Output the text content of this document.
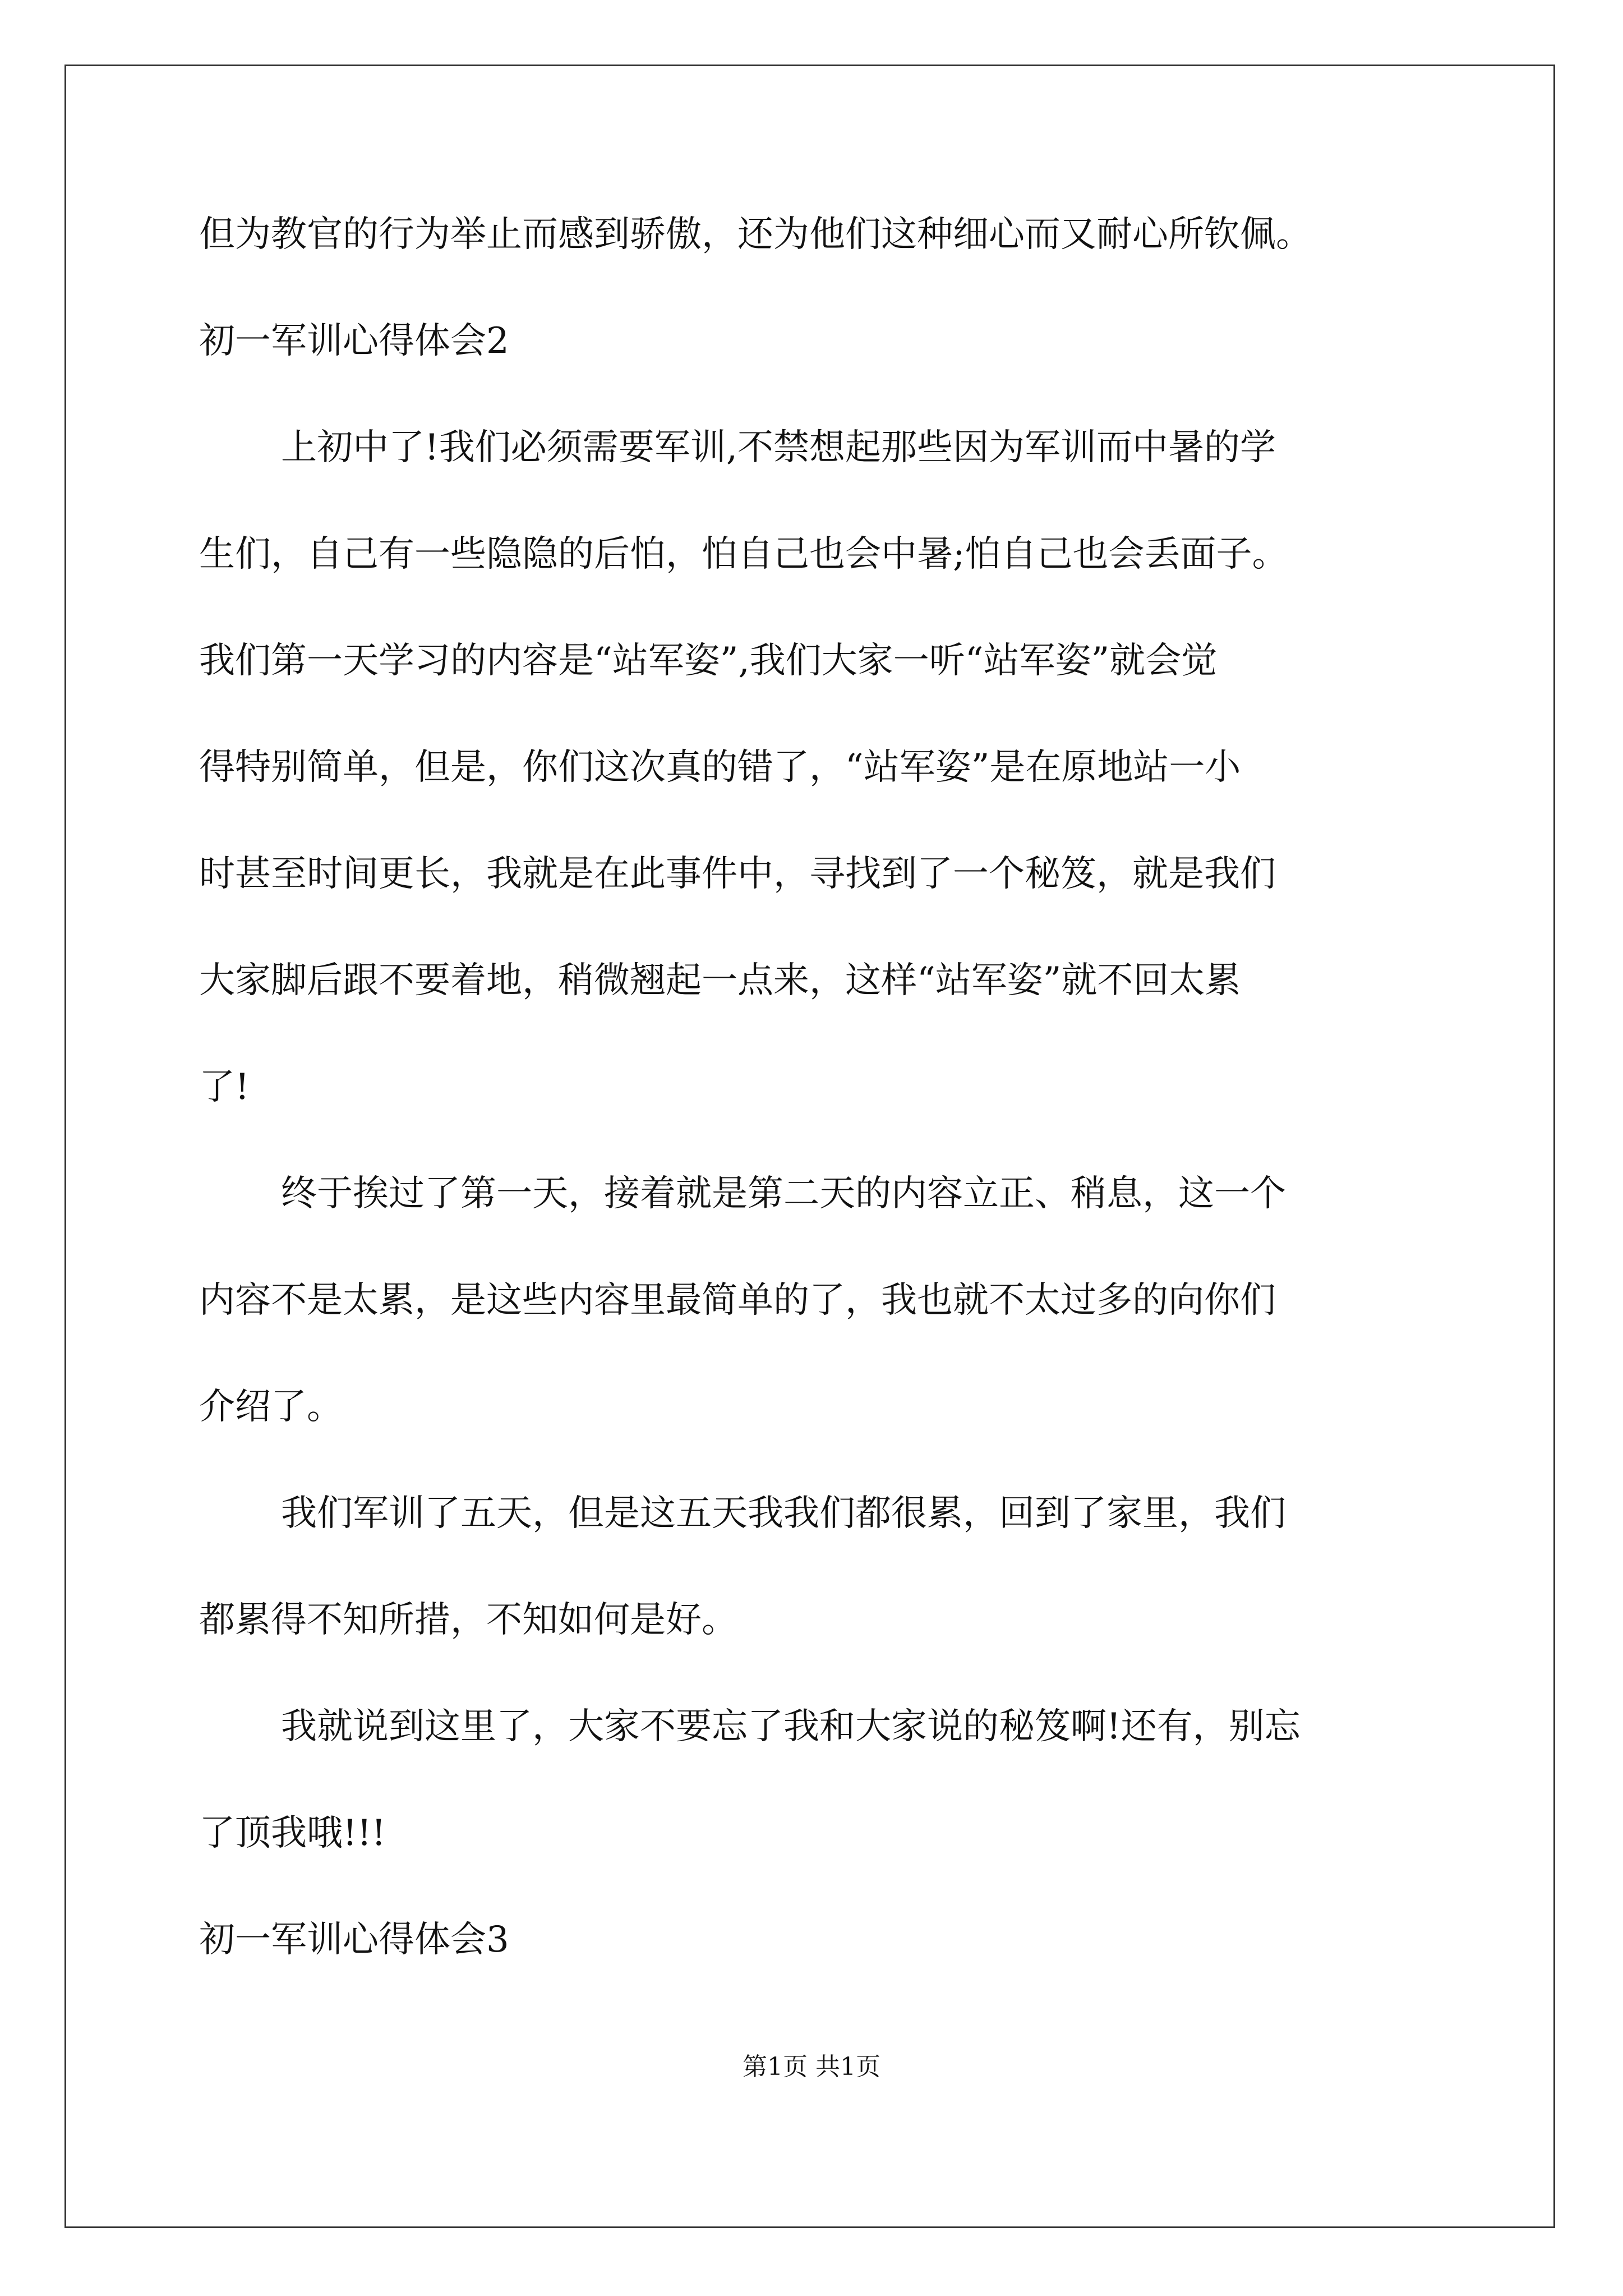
但为教官的行为举止而感到骄傲，还为他们这种细心而又耐心所钦佩。
初一军训心得体会2
上初中了!我们必须需要军训,不禁想起那些因为军训而中暑的学
生们，自己有一些隐隐的后怕，怕自己也会中暑;怕自己也会丢面子。
我们第一天学习的内容是“站军姿”,我们大家一听“站军姿”就会觉
得特别简单，但是，你们这次真的错了，“站军姿”是在原地站一小
时甚至时间更长，我就是在此事件中，寻找到了一个秘笈，就是我们
大家脚后跟不要着地，稍微翘起一点来，这样“站军姿”就不回太累
了!
终于挨过了第一天，接着就是第二天的内容立正、稍息，这一个
内容不是太累，是这些内容里最简单的了，我也就不太过多的向你们
介绍了。
我们军训了五天，但是这五天我我们都很累，回到了家里，我们
都累得不知所措，不知如何是好。
我就说到这里了，大家不要忘了我和大家说的秘笈啊!还有，别忘
了顶我哦!!!
初一军训心得体会3
第1页 共1页
